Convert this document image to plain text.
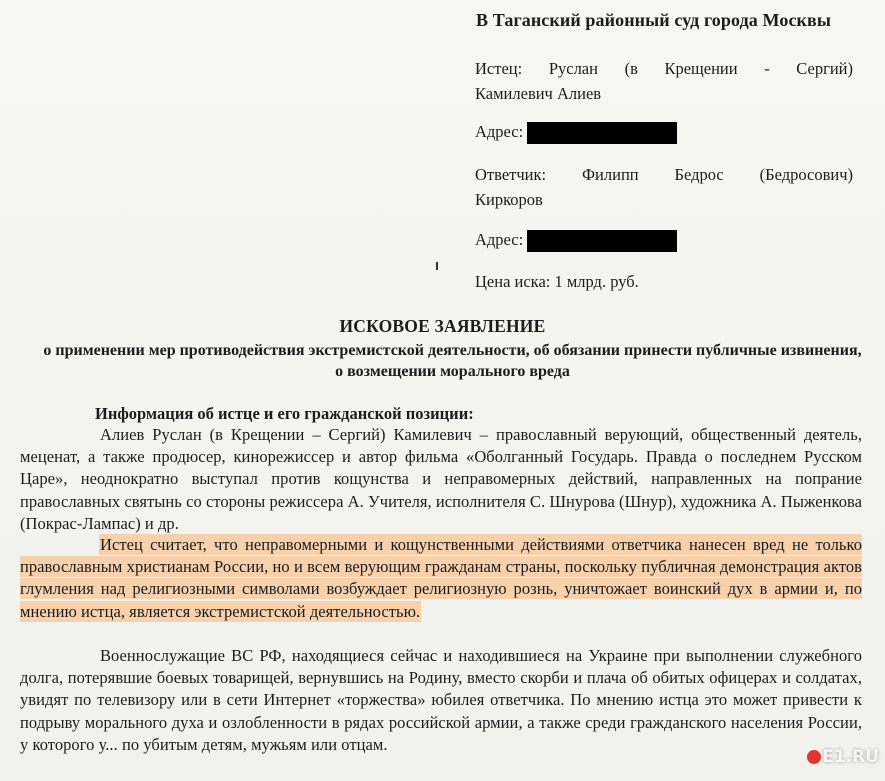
В Таганский районный суд города Москвы
Истец: Руслан (в Крещении - Сергий)
Камилевич Алиев
Адрес:
Ответчик: Филипп Бедрос (Бедросович)
Киркоров
Адрес:
Цена иска: 1 млрд. руб.
ИСКОВОЕ ЗАЯВЛЕНИЕ
о применении мер противодействия экстремистской деятельности, об обязании принести публичные извинения, о возмещении морального вреда
Информация об истце и его гражданской позиции:
Алиев Руслан (в Крещении – Сергий) Камилевич – православный верующий, общественный деятель, меценат, а также продюсер, кинорежиссер и автор фильма «Оболганный Государь. Правда о последнем Русском Царе», неоднократно выступал против кощунства и неправомерных действий, направленных на попрание православных святынь со стороны режиссера А. Учителя, исполнителя С. Шнурова (Шнур), художника А. Пыженкова (Покрас-Лампас) и др.
Истец считает, что неправомерными и кощунственными действиями ответчика нанесен вред не только православным христианам России, но и всем верующим гражданам страны, поскольку публичная демонстрация актов глумления над религиозными символами возбуждает религиозную рознь, уничтожает воинский дух в армии и, по мнению истца, является экстремистской деятельностью.
Военнослужащие ВС РФ, находящиеся сейчас и находившиеся на Украине при выполнении служебного долга, потерявшие боевых товарищей, вернувшись на Родину, вместо скорби и плача об обитых офицерах и солдатах, увидят по телевизору или в сети Интернет «торжества» юбилея ответчика. По мнению истца это может привести к подрыву морального духа и озлобленности в рядах российской армии, а также среди гражданского населения России, у которого у... по убитым детям, мужьям или отцам.
E1.RU
